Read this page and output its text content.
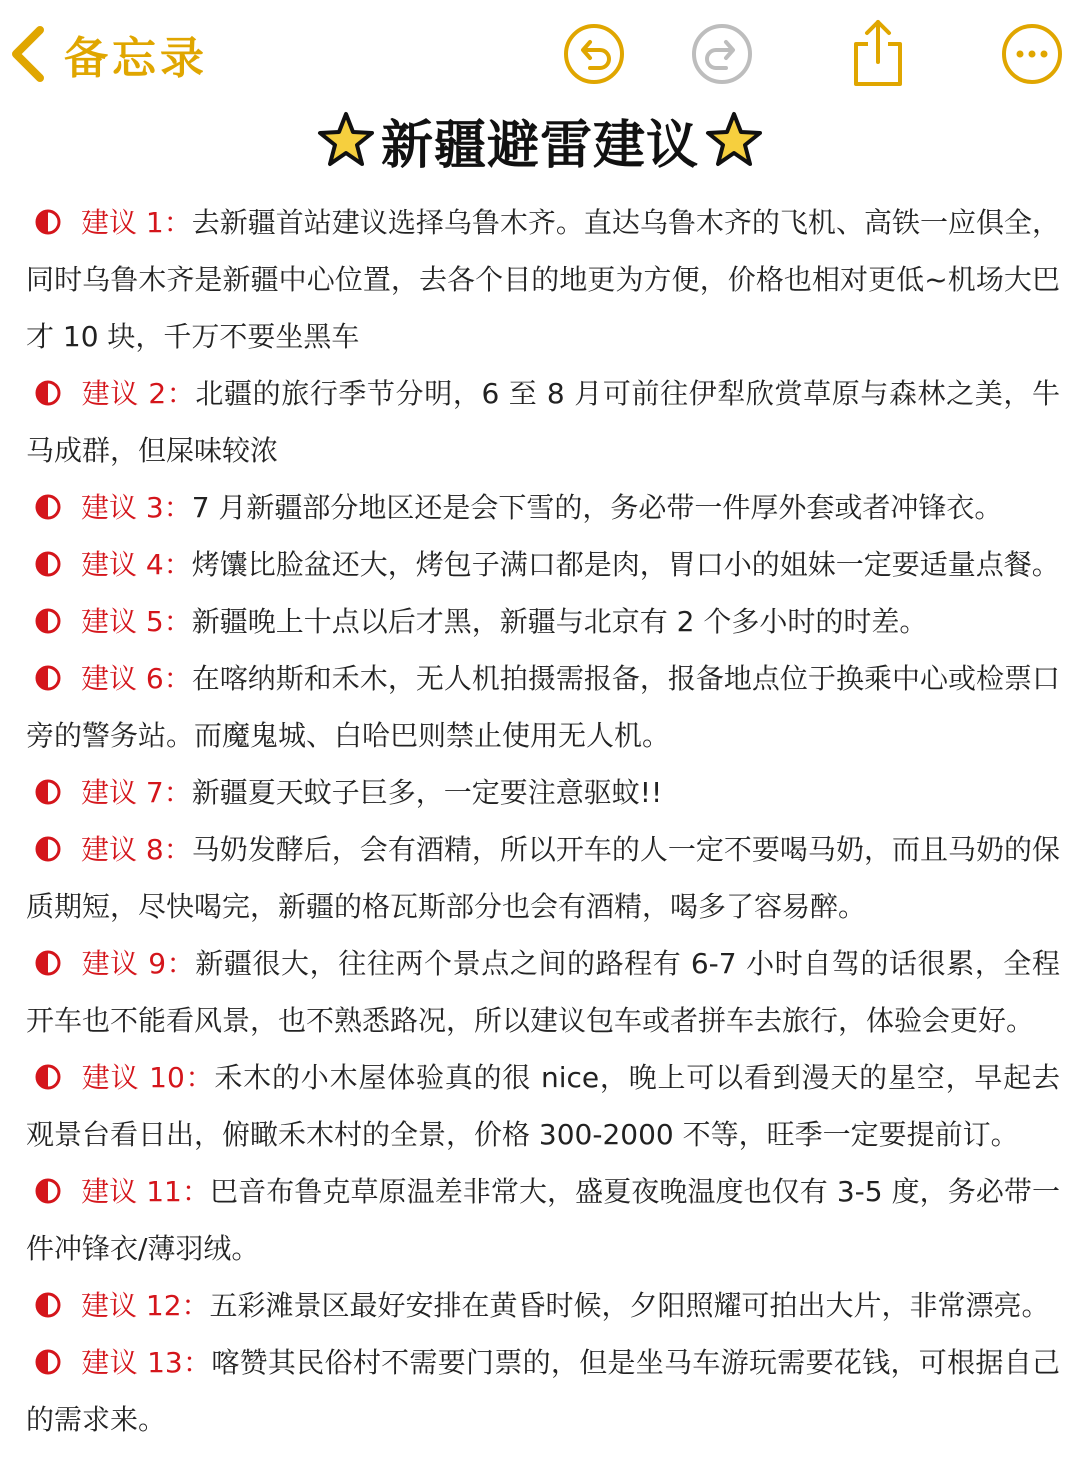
备忘录
新疆避雷建议

建议 1：去新疆首站建议选择乌鲁木齐。直达乌鲁木齐的飞机、高铁一应俱全，同时乌鲁木齐是新疆中心位置，去各个目的地更为方便，价格也相对更低~机场大巴才 10 块，千万不要坐黑车

建议 2：北疆的旅行季节分明，6 至 8 月可前往伊犁欣赏草原与森林之美，牛马成群，但屎味较浓

建议 3：7 月新疆部分地区还是会下雪的，务必带一件厚外套或者冲锋衣。

建议 4：烤馕比脸盆还大，烤包子满口都是肉，胃口小的姐妹一定要适量点餐。

建议 5：新疆晚上十点以后才黑，新疆与北京有 2 个多小时的时差。

建议 6：在喀纳斯和禾木，无人机拍摄需报备，报备地点位于换乘中心或检票口旁的警务站。而魔鬼城、白哈巴则禁止使用无人机。

建议 7：新疆夏天蚊子巨多，一定要注意驱蚊!!

建议 8：马奶发酵后，会有酒精，所以开车的人一定不要喝马奶，而且马奶的保质期短，尽快喝完，新疆的格瓦斯部分也会有酒精，喝多了容易醉。

建议 9：新疆很大，往往两个景点之间的路程有 6-7 小时自驾的话很累，全程开车也不能看风景，也不熟悉路况，所以建议包车或者拼车去旅行，体验会更好。

建议 10：禾木的小木屋体验真的很 nice，晚上可以看到漫天的星空，早起去观景台看日出，俯瞰禾木村的全景，价格 300-2000 不等，旺季一定要提前订。

建议 11：巴音布鲁克草原温差非常大，盛夏夜晚温度也仅有 3-5 度，务必带一件冲锋衣/薄羽绒。

建议 12：五彩滩景区最好安排在黄昏时候，夕阳照耀可拍出大片，非常漂亮。

建议 13：喀赞其民俗村不需要门票的，但是坐马车游玩需要花钱，可根据自己的需求来。
